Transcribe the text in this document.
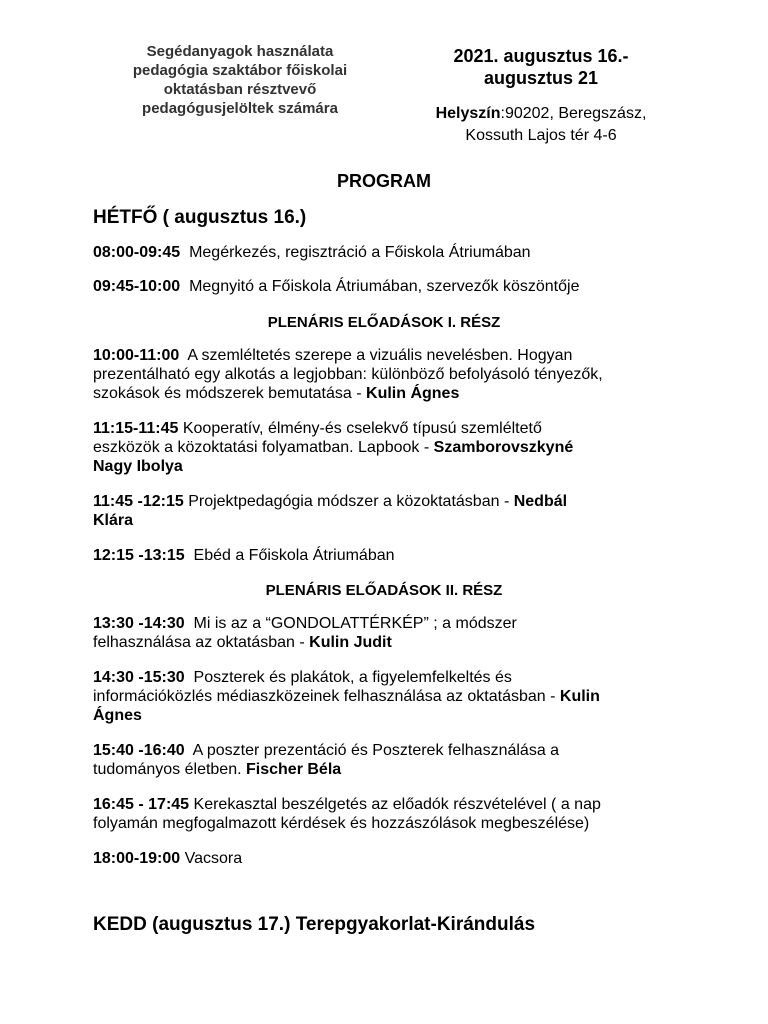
Segédanyagok használata
pedagógia szaktábor főiskolai
oktatásban résztvevő
pedagógusjelöltek számára
2021. augusztus 16.-
augusztus 21
Helyszín:90202, Beregszász,
Kossuth Lajos tér 4-6
PROGRAM
HÉTFŐ ( augusztus 16.)
08:00-09:45 Megérkezés, regisztráció a Főiskola Átriumában
09:45-10:00 Megnyitó a Főiskola Átriumában, szervezők köszöntője
PLENÁRIS ELŐADÁSOK I. RÉSZ
10:00-11:00 A szemléltetés szerepe a vizuális nevelésben. Hogyan
prezentálható egy alkotás a legjobban: különböző befolyásoló tényezők,
szokások és módszerek bemutatása - Kulin Ágnes
11:15-11:45 Kooperatív, élmény-és cselekvő típusú szemléltető
eszközök a közoktatási folyamatban. Lapbook - Szamborovszkyné
Nagy Ibolya
11:45 -12:15 Projektpedagógia módszer a közoktatásban - Nedbál
Klára
12:15 -13:15 Ebéd a Főiskola Átriumában
PLENÁRIS ELŐADÁSOK II. RÉSZ
13:30 -14:30 Mi is az a “GONDOLATTÉRKÉP” ; a módszer
felhasználása az oktatásban - Kulin Judit
14:30 -15:30 Poszterek és plakátok, a figyelemfelkeltés és
információközlés médiaszközeinek felhasználása az oktatásban - Kulin
Ágnes
15:40 -16:40 A poszter prezentáció és Poszterek felhasználása a
tudományos életben. Fischer Béla
16:45 - 17:45 Kerekasztal beszélgetés az előadók részvételével ( a nap
folyamán megfogalmazott kérdések és hozzászólások megbeszélése)
18:00-19:00 Vacsora
KEDD (augusztus 17.) Terepgyakorlat-Kirándulás
